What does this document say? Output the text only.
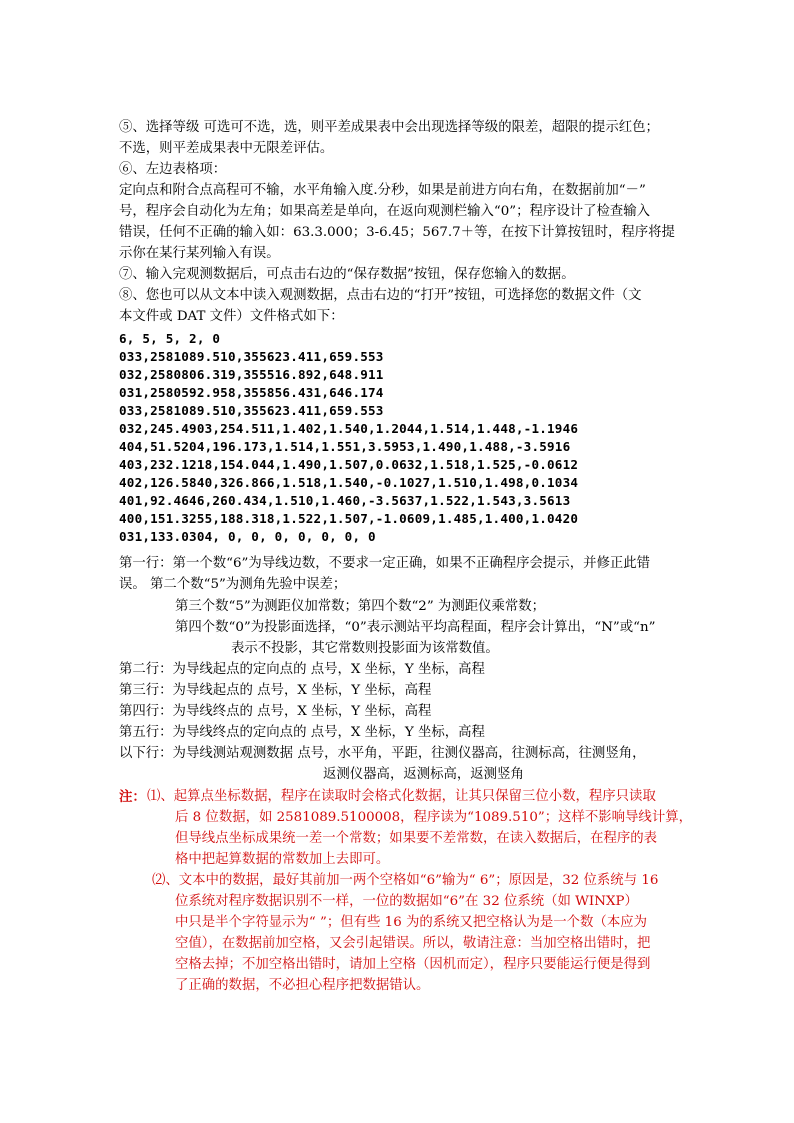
⑤、选择等级 可选可不选，选，则平差成果表中会出现选择等级的限差，超限的提示红色；
不选，则平差成果表中无限差评估。
⑥、左边表格项：
定向点和附合点高程可不输，水平角输入度.分秒，如果是前进方向右角，在数据前加“－”
号，程序会自动化为左角；如果高差是单向，在返向观测栏输入“0”；程序设计了检查输入
错误，任何不正确的输入如：63.3.000；3-6.45；567.7＋等，在按下计算按钮时，程序将提
示你在某行某列输入有误。
⑦、输入完观测数据后，可点击右边的“保存数据”按钮，保存您输入的数据。
⑧、您也可以从文本中读入观测数据，点击右边的“打开”按钮，可选择您的数据文件（文
本文件或 DAT 文件）文件格式如下：
6, 5, 5, 2, 0
033,2581089.510,355623.411,659.553
032,2580806.319,355516.892,648.911
031,2580592.958,355856.431,646.174
033,2581089.510,355623.411,659.553
032,245.4903,254.511,1.402,1.540,1.2044,1.514,1.448,-1.1946
404,51.5204,196.173,1.514,1.551,3.5953,1.490,1.488,-3.5916
403,232.1218,154.044,1.490,1.507,0.0632,1.518,1.525,-0.0612
402,126.5840,326.866,1.518,1.540,-0.1027,1.510,1.498,0.1034
401,92.4646,260.434,1.510,1.460,-3.5637,1.522,1.543,3.5613
400,151.3255,188.318,1.522,1.507,-1.0609,1.485,1.400,1.0420
031,133.0304, 0, 0, 0, 0, 0, 0, 0
第一行：第一个数“6”为导线边数，不要求一定正确，如果不正确程序会提示，并修正此错
误。 第二个数“5”为测角先验中误差；
第三个数“5”为测距仪加常数；第四个数“2” 为测距仪乘常数；
第四个数“0”为投影面选择，“0”表示测站平均高程面，程序会计算出，“N”或“n”
表示不投影，其它常数则投影面为该常数值。
第二行：为导线起点的定向点的 点号，X 坐标，Y 坐标，高程
第三行：为导线起点的 点号，X 坐标，Y 坐标，高程
第四行：为导线终点的 点号，X 坐标，Y 坐标，高程
第五行：为导线终点的定向点的 点号，X 坐标，Y 坐标，高程
以下行：为导线测站观测数据 点号，水平角，平距，往测仪器高，往测标高，往测竖角，
返测仪器高，返测标高，返测竖角
注： ⑴、起算点坐标数据，程序在读取时会格式化数据，让其只保留三位小数，程序只读取
后 8 位数据，如 2581089.5100008，程序读为“1089.510”；这样不影响导线计算，
但导线点坐标成果统一差一个常数；如果要不差常数，在读入数据后，在程序的表
格中把起算数据的常数加上去即可。
⑵、文本中的数据，最好其前加一两个空格如“6”输为“ 6”；原因是，32 位系统与 16
位系统对程序数据识别不一样，一位的数据如“6”在 32 位系统（如 WINXP）
中只是半个字符显示为“ ”；但有些 16 为的系统又把空格认为是一个数（本应为
空值），在数据前加空格，又会引起错误。所以，敬请注意：当加空格出错时，把
空格去掉；不加空格出错时，请加上空格（因机而定），程序只要能运行便是得到
了正确的数据，不必担心程序把数据错认。
